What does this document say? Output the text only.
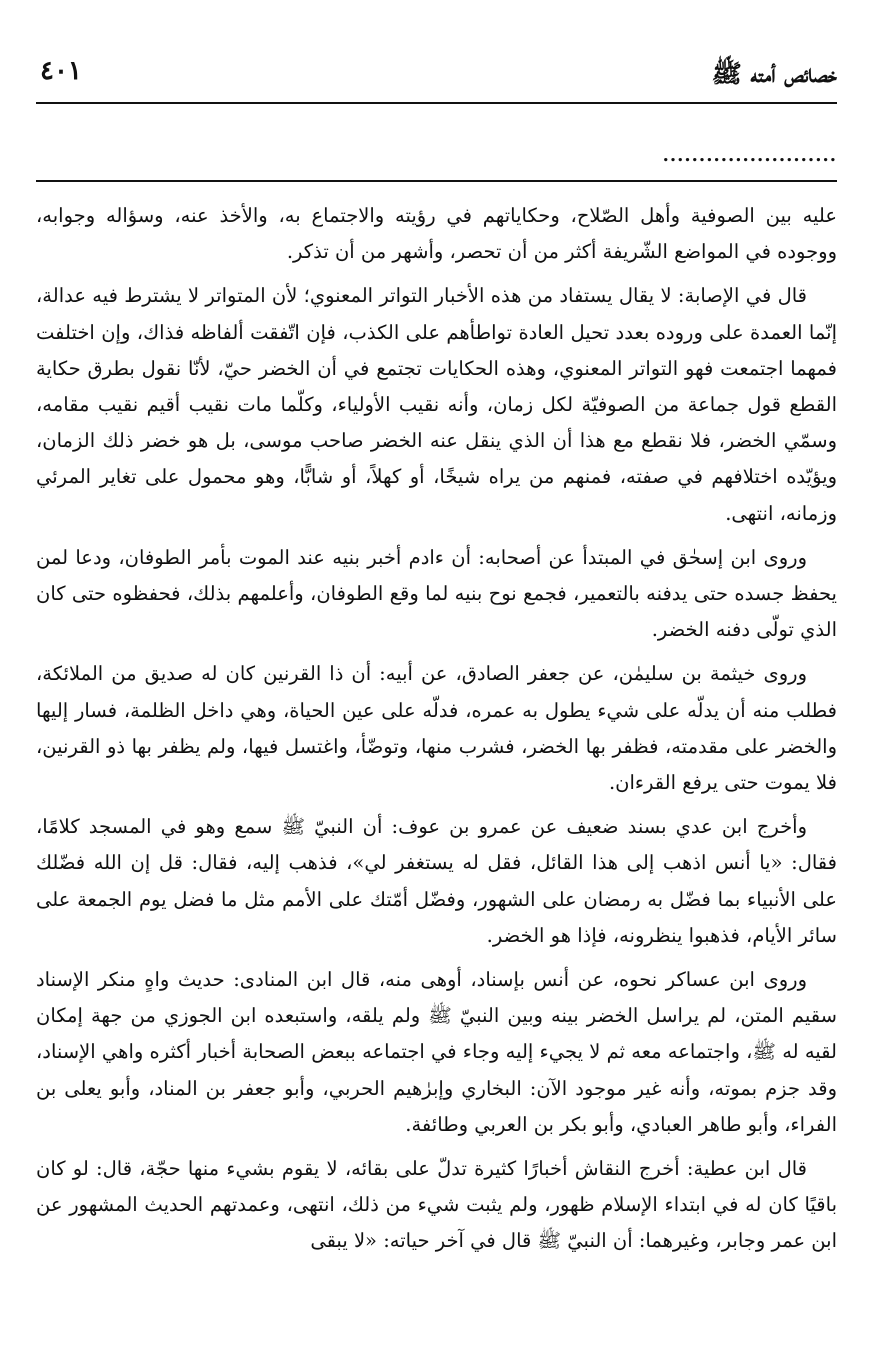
خصائص أمته ﷺ
٤٠١
........................

عليه بين الصوفية وأهل الصّلاح، وحكاياتهم في رؤيته والاجتماع به، والأخذ عنه، وسؤاله وجوابه، ووجوده في المواضع الشّريفة أكثر من أن تحصر، وأشهر من أن تذكر.

قال في الإصابة: لا يقال يستفاد من هذه الأخبار التواتر المعنوي؛ لأن المتواتر لا يشترط فيه عدالة، إنّما العمدة على وروده بعدد تحيل العادة تواطأهم على الكذب، فإن اتّفقت ألفاظه فذاك، وإن اختلفت فمهما اجتمعت فهو التواتر المعنوي، وهذه الحكايات تجتمع في أن الخضر حيّ، لأنّا نقول بطرق حكاية القطع قول جماعة من الصوفيّة لكل زمان، وأنه نقيب الأولياء، وكلّما مات نقيب أقيم نقيب مقامه، وسمّي الخضر، فلا نقطع مع هذا أن الذي ينقل عنه الخضر صاحب موسى، بل هو خضر ذلك الزمان، ويؤيّده اختلافهم في صفته، فمنهم من يراه شيخًا، أو كهلاً، أو شابًّا، وهو محمول على تغاير المرئي وزمانه، انتهى.

وروى ابن إسحٰق في المبتدأ عن أصحابه: أن ءادم أخبر بنيه عند الموت بأمر الطوفان، ودعا لمن يحفظ جسده حتى يدفنه بالتعمير، فجمع نوح بنيه لما وقع الطوفان، وأعلمهم بذلك، فحفظوه حتى كان الذي تولّى دفنه الخضر.

وروى خيثمة بن سليمٰن، عن جعفر الصادق، عن أبيه: أن ذا القرنين كان له صديق من الملائكة، فطلب منه أن يدلّه على شيء يطول به عمره، فدلّه على عين الحياة، وهي داخل الظلمة، فسار إليها والخضر على مقدمته، فظفر بها الخضر، فشرب منها، وتوضّأ، واغتسل فيها، ولم يظفر بها ذو القرنين، فلا يموت حتى يرفع القرءان.

وأخرج ابن عدي بسند ضعيف عن عمرو بن عوف: أن النبيّ ﷺ سمع وهو في المسجد كلامًا، فقال: «يا أنس اذهب إلى هذا القائل، فقل له يستغفر لي»، فذهب إليه، فقال: قل إن الله فضّلك على الأنبياء بما فضّل به رمضان على الشهور، وفضّل أمّتك على الأمم مثل ما فضل يوم الجمعة على سائر الأيام، فذهبوا ينظرونه، فإذا هو الخضر.

وروى ابن عساكر نحوه، عن أنس بإسناد، أوهى منه، قال ابن المنادى: حديث واهٍ منكر الإسناد سقيم المتن، لم يراسل الخضر بينه وبين النبيّ ﷺ ولم يلقه، واستبعده ابن الجوزي من جهة إمكان لقيه له ﷺ، واجتماعه معه ثم لا يجيء إليه وجاء في اجتماعه ببعض الصحابة أخبار أكثره واهي الإسناد، وقد جزم بموته، وأنه غير موجود الآن: البخاري وإبرٰهيم الحربي، وأبو جعفر بن المناد، وأبو يعلى بن الفراء، وأبو طاهر العبادي، وأبو بكر بن العربي وطائفة.

قال ابن عطية: أخرج النقاش أخبارًا كثيرة تدلّ على بقائه، لا يقوم بشيء منها حجّة، قال: لو كان باقيًا كان له في ابتداء الإسلام ظهور، ولم يثبت شيء من ذلك، انتهى، وعمدتهم الحديث المشهور عن ابن عمر وجابر، وغيرهما: أن النبيّ ﷺ قال في آخر حياته: «لا يبقى
